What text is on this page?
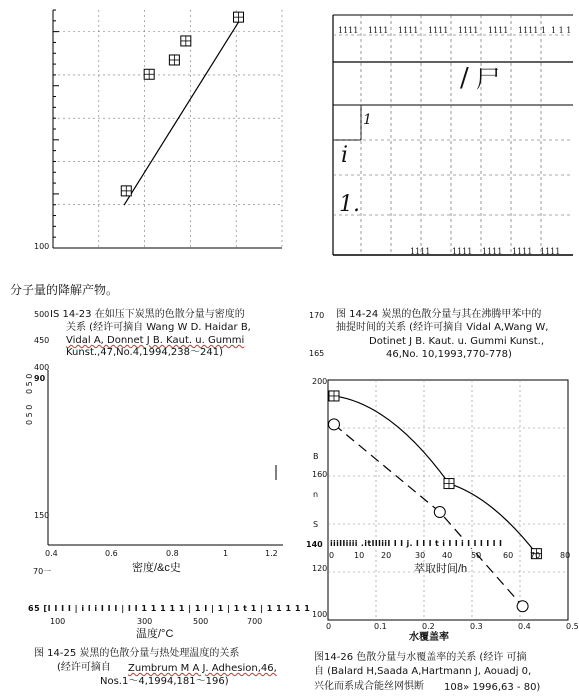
100
1111 1111 1111 1111 1111 1111 1111 1 1 1 1
/ 尸
1
i
1.
1111	1111 1111 1111 1111
分子量的降解产物。
IS 14-23 在如压下炭黑的色散分量与密度的
关系 (经许可摘自 Wang W D. Haidar B,
Vidal A, Donnet J B. Kaut. u. Gummi
Kunst.,47,No.4,1994,238～241)
500
450
400
90
0 5 0
0 5 0
150
0.4	0.6	0.8	1	1.2
密度/&c史
70一
65 [I I I I | i l i I I I | I I 1 1 1 1 1 | 1 I | 1 | 1 t 1 | 1 1 1 1 1
100	300	500	700
温度/°C
图 14-25 炭黑的色散分量与热处理温度的关系
(经许可摘自 Zumbrum M A J. Adhesion,46,
Nos.1～4,1994,181～196)
170 图 14-24 炭黑的色散分量与其在沸腾甲苯中的
抽提时间的关系 (经许可摘自 Vidal A,Wang W,
Dotinet J B. Kaut. u. Gummi Kunst.,
46,No. 10,1993,770-778)
165
200
160
B
S
n
120
100
140 iiiIIiiii .itIIIiiI I I j. I I I t i I I i I I I I I I
0 10 20	30 40 50	60 70 80
萃取时间/h
0	0.1	0.2	0.3	0.4	0.5
水覆盖率
图14-26 色散分量与水覆盖率的关系 (经许 可摘
自 (Balard H,Saada A,Hartmann J, Aouadj 0,
兴化而系成合能丝网惧断 108» 1996,63 - 80)
